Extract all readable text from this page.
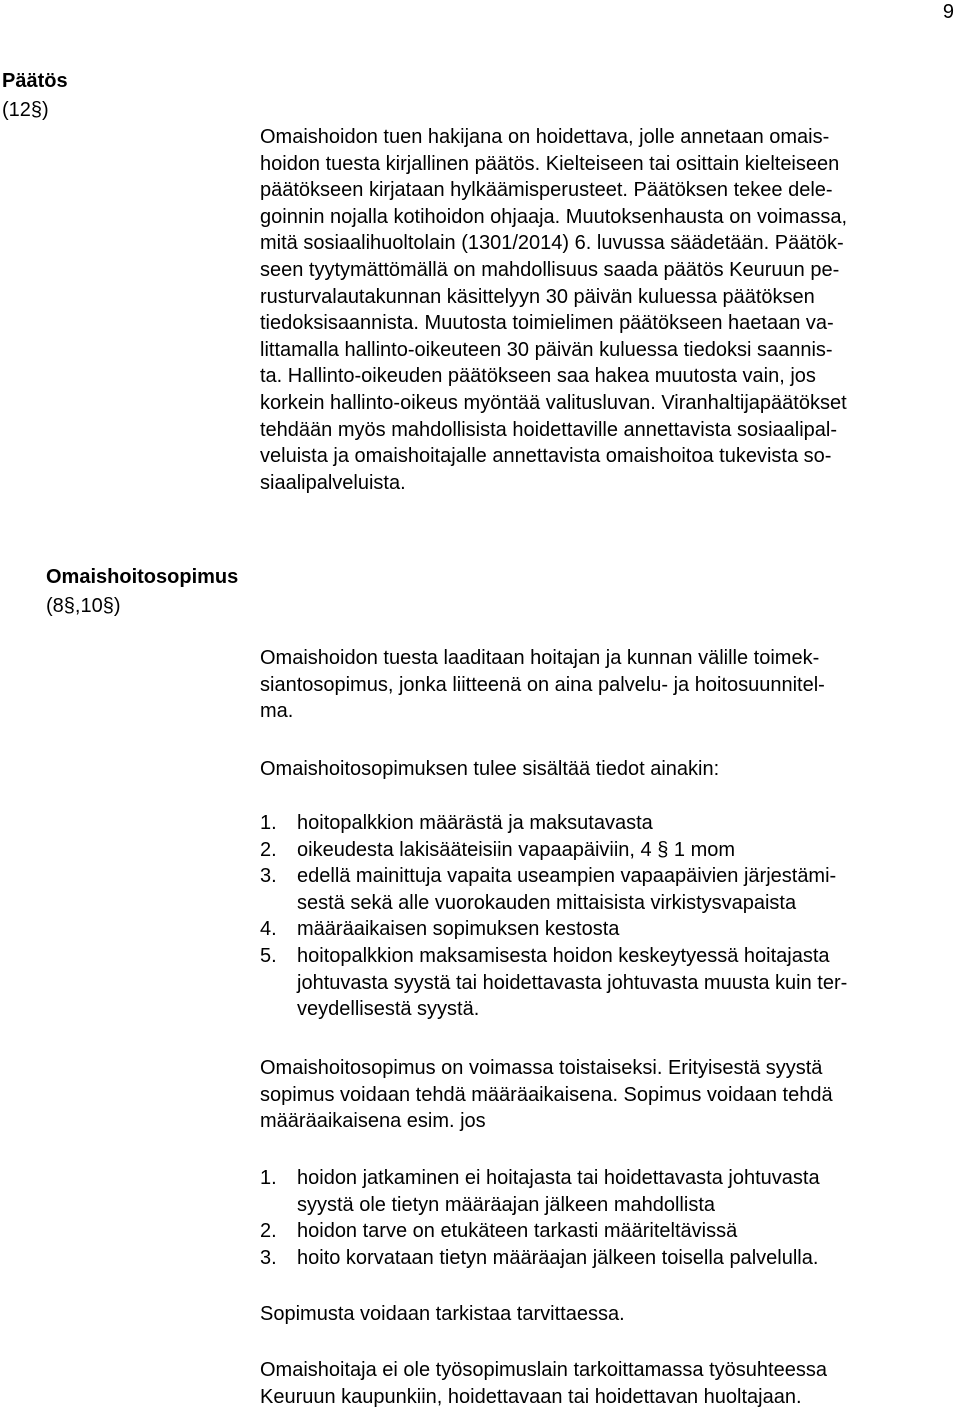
9
Päätös
(12§)
Omaishoidon tuen hakijana on hoidettava, jolle annetaan omais-
hoidon tuesta kirjallinen päätös. Kielteiseen tai osittain kielteiseen
päätökseen kirjataan hylkäämisperusteet. Päätöksen tekee dele-
goinnin nojalla kotihoidon ohjaaja. Muutoksenhausta on voimassa,
mitä sosiaalihuoltolain (1301/2014) 6. luvussa säädetään. Päätök-
seen tyytymättömällä on mahdollisuus saada päätös Keuruun pe-
rusturvalautakunnan käsittelyyn 30 päivän kuluessa päätöksen
tiedoksisaannista. Muutosta toimielimen päätökseen haetaan va-
littamalla hallinto-oikeuteen 30 päivän kuluessa tiedoksi saannis-
ta. Hallinto-oikeuden päätökseen saa hakea muutosta vain, jos
korkein hallinto-oikeus myöntää valitusluvan. Viranhaltijapäätökset
tehdään myös mahdollisista hoidettaville annettavista sosiaalipal-
veluista ja omaishoitajalle annettavista omaishoitoa tukevista so-
siaalipalveluista.
Omaishoitosopimus
(8§,10§)
Omaishoidon tuesta laaditaan hoitajan ja kunnan välille toimek-
siantosopimus, jonka liitteenä on aina palvelu- ja hoitosuunnitel-
ma.
Omaishoitosopimuksen tulee sisältää tiedot ainakin:
1. hoitopalkkion määrästä ja maksutavasta
2. oikeudesta lakisääteisiin vapaapäiviin, 4 § 1 mom
3. edellä mainittuja vapaita useampien vapaapäivien järjestämi-
sestä sekä alle vuorokauden mittaisista virkistysvapaista
4. määräaikaisen sopimuksen kestosta
5. hoitopalkkion maksamisesta hoidon keskeytyessä hoitajasta
johtuvasta syystä tai hoidettavasta johtuvasta muusta kuin ter-
veydellisestä syystä.
Omaishoitosopimus on voimassa toistaiseksi. Erityisestä syystä
sopimus voidaan tehdä määräaikaisena. Sopimus voidaan tehdä
määräaikaisena esim. jos
1. hoidon jatkaminen ei hoitajasta tai hoidettavasta johtuvasta
syystä ole tietyn määräajan jälkeen mahdollista
2. hoidon tarve on etukäteen tarkasti määriteltävissä
3. hoito korvataan tietyn määräajan jälkeen toisella palvelulla.
Sopimusta voidaan tarkistaa tarvittaessa.
Omaishoitaja ei ole työsopimuslain tarkoittamassa työsuhteessa
Keuruun kaupunkiin, hoidettavaan tai hoidettavan huoltajaan.
